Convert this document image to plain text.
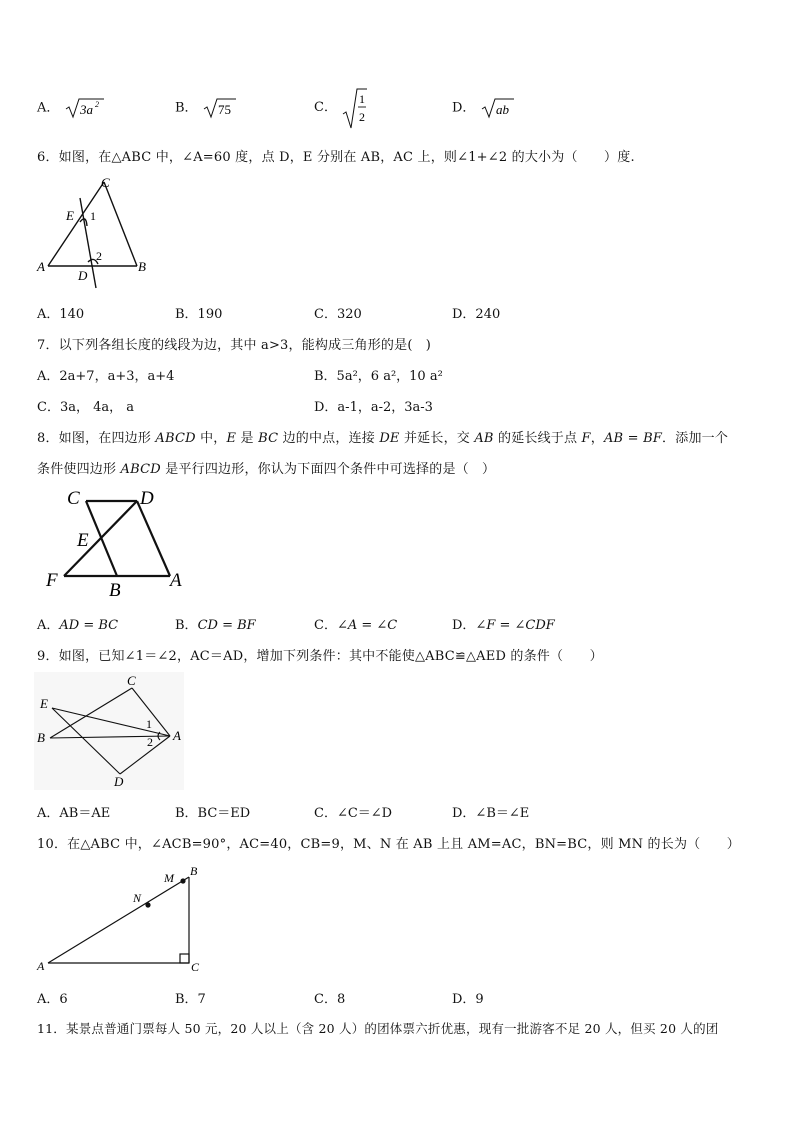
A． 3a 2	B． 75	C．
1
2
D． ab
6．如图，在△ABC 中，∠A=60 度，点 D，E 分别在 AB，AC 上，则∠1+∠2 的大小为（　　）度.
C
E 1
2
A
D
B
A．140	B．190	C．320	D．240
7．以下列各组长度的线段为边，其中 a>3，能构成三角形的是(　)
A．2a+7，a+3，a+4	B．5a²，6 a²，10 a²
C．3a， 4a， a	D．a-1，a-2，3a-3
8．如图，在四边形 ABCD 中，E 是 BC 边的中点，连接 DE 并延长，交 AB 的延长线于点 F，AB = BF．添加一个
条件使四边形 ABCD 是平行四边形，你认为下面四个条件中可选择的是（　）
C	D
E
F	B	A
A．AD = BC	B．CD = BF	C．∠A = ∠C	D．∠F = ∠CDF
9．如图，已知∠1＝∠2，AC＝AD，增加下列条件：其中不能使△ABC≌△AED 的条件（　　）
C
E
B
1
2 A
D
A．AB＝AE	B．BC＝ED	C．∠C＝∠D	D．∠B＝∠E
10．在△ABC 中，∠ACB=90°，AC=40，CB=9，M、N 在 AB 上且 AM=AC，BN=BC，则 MN 的长为（　　）
B
M
N
A	C
A．6	B．7	C．8	D．9
11．某景点普通门票每人 50 元，20 人以上（含 20 人）的团体票六折优惠，现有一批游客不足 20 人，但买 20 人的团
